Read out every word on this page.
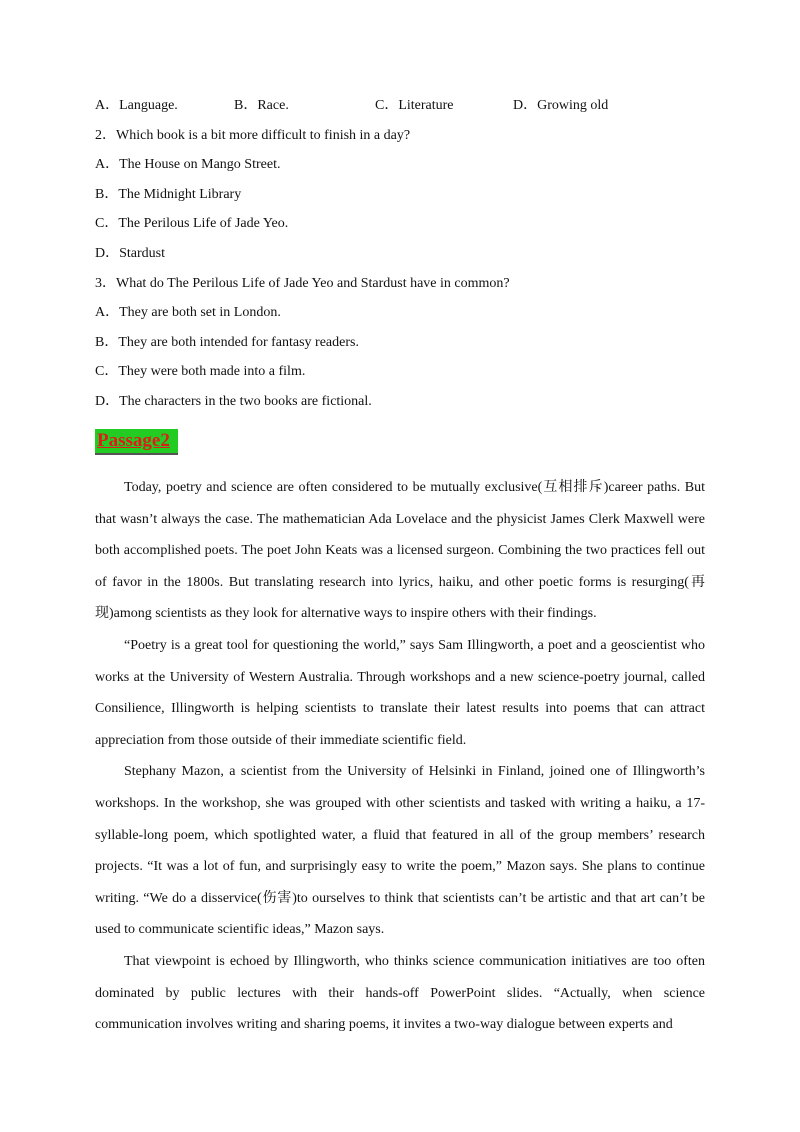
A．Language.	B．Race.	C．Literature	D．Growing old
2．Which book is a bit more difficult to finish in a day?
A．The House on Mango Street.
B．The Midnight Library
C．The Perilous Life of Jade Yeo.
D．Stardust
3．What do The Perilous Life of Jade Yeo and Stardust have in common?
A．They are both set in London.
B．They are both intended for fantasy readers.
C．They were both made into a film.
D．The characters in the two books are fictional.
Passage2

Today, poetry and science are often considered to be mutually exclusive(互相排斥)career paths. But that wasn’t always the case. The mathematician Ada Lovelace and the physicist James Clerk Maxwell were both accomplished poets. The poet John Keats was a licensed surgeon. Combining the two practices fell out of favor in the 1800s. But translating research into lyrics, haiku, and other poetic forms is resurging(再现)among scientists as they look for alternative ways to inspire others with their findings.

“Poetry is a great tool for questioning the world,” says Sam Illingworth, a poet and a geoscientist who works at the University of Western Australia. Through workshops and a new science-poetry journal, called Consilience, Illingworth is helping scientists to translate their latest results into poems that can attract appreciation from those outside of their immediate scientific field.

Stephany Mazon, a scientist from the University of Helsinki in Finland, joined one of Illingworth’s workshops. In the workshop, she was grouped with other scientists and tasked with writing a haiku, a 17-syllable-long poem, which spotlighted water, a fluid that featured in all of the group members’ research projects. “It was a lot of fun, and surprisingly easy to write the poem,” Mazon says. She plans to continue writing. “We do a disservice(伤害)to ourselves to think that scientists can’t be artistic and that art can’t be used to communicate scientific ideas,” Mazon says.

That viewpoint is echoed by Illingworth, who thinks science communication initiatives are too often dominated by public lectures with their hands-off PowerPoint slides. “Actually, when science communication involves writing and sharing poems, it invites a two-way dialogue between experts and
